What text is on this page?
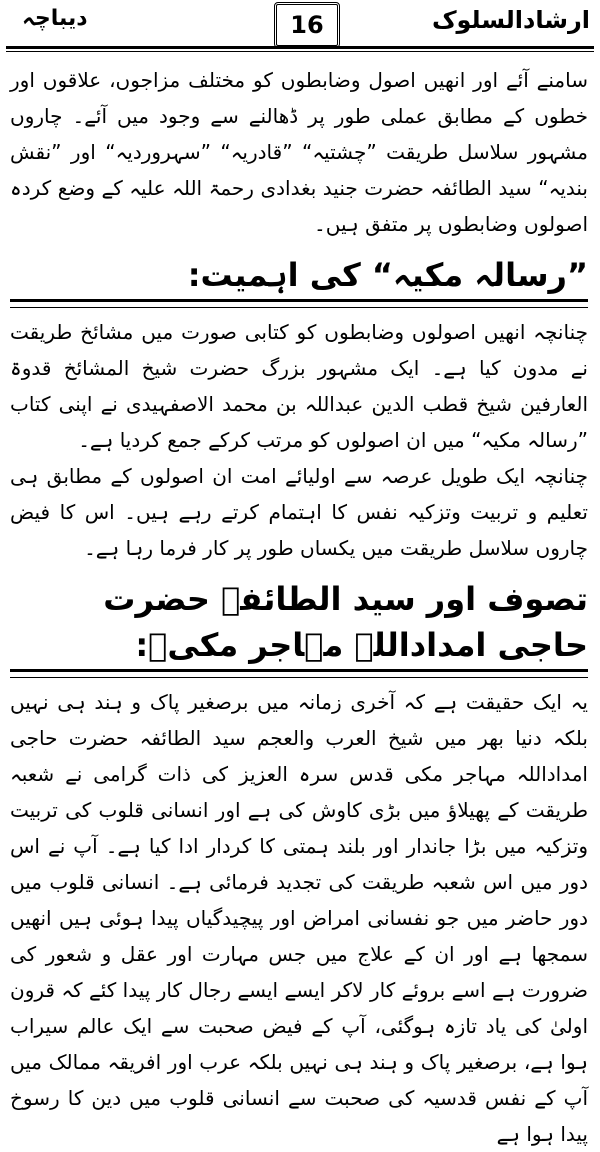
ارشادالسلوک
16
دیباچہ

سامنے آئے اور انھیں اصول وضابطوں کو مختلف مزاجوں، علاقوں اور خطوں کے مطابق عملی طور پر ڈھالنے سے وجود میں آئے۔ چاروں مشہور سلاسل طریقت ”چشتیہ“ ”قادریہ“ ”سہروردیہ“ اور ”نقش بندیہ“ سید الطائفہ حضرت جنید بغدادی رحمۃ اللہ علیہ کے وضع کردہ اصولوں وضابطوں پر متفق ہیں۔

”رسالہ مکیہ“ کی اہمیت:

چنانچہ انھیں اصولوں وضابطوں کو کتابی صورت میں مشائخ طریقت نے مدون کیا ہے۔ ایک مشہور بزرگ حضرت شیخ المشائخ قدوۃ العارفین شیخ قطب الدین عبداللہ بن محمد الاصفہیدی نے اپنی کتاب ”رسالہ مکیہ“ میں ان اصولوں کو مرتب کرکے جمع کردیا ہے۔

چنانچہ ایک طویل عرصہ سے اولیائے امت ان اصولوں کے مطابق ہی تعلیم و تربیت وتزکیہ نفس کا اہتمام کرتے رہے ہیں۔ اس کا فیض چاروں سلاسل طریقت میں یکساں طور پر کار فرما رہا ہے۔

تصوف اور سید الطائفہ حضرت حاجی امداداللہ مہاجر مکیؒ:

یہ ایک حقیقت ہے کہ آخری زمانہ میں برصغیر پاک و ہند ہی نہیں بلکہ دنیا بھر میں شیخ العرب والعجم سید الطائفہ حضرت حاجی امداداللہ مہاجر مکی قدس سرہ العزیز کی ذات گرامی نے شعبہ طریقت کے پھیلاؤ میں بڑی کاوش کی ہے اور انسانی قلوب کی تربیت وتزکیہ میں بڑا جاندار اور بلند ہمتی کا کردار ادا کیا ہے۔ آپ نے اس دور میں اس شعبہ طریقت کی تجدید فرمائی ہے۔ انسانی قلوب میں دور حاضر میں جو نفسانی امراض اور پیچیدگیاں پیدا ہوئی ہیں انھیں سمجھا ہے اور ان کے علاج میں جس مہارت اور عقل و شعور کی ضرورت ہے اسے بروئے کار لاکر ایسے ایسے رجال کار پیدا کئے کہ قرون اولیٰ کی یاد تازہ ہوگئی، آپ کے فیض صحبت سے ایک عالم سیراب ہوا ہے، برصغیر پاک و ہند ہی نہیں بلکہ عرب اور افریقہ ممالک میں آپ کے نفس قدسیہ کی صحبت سے انسانی قلوب میں دین کا رسوخ پیدا ہوا ہے
